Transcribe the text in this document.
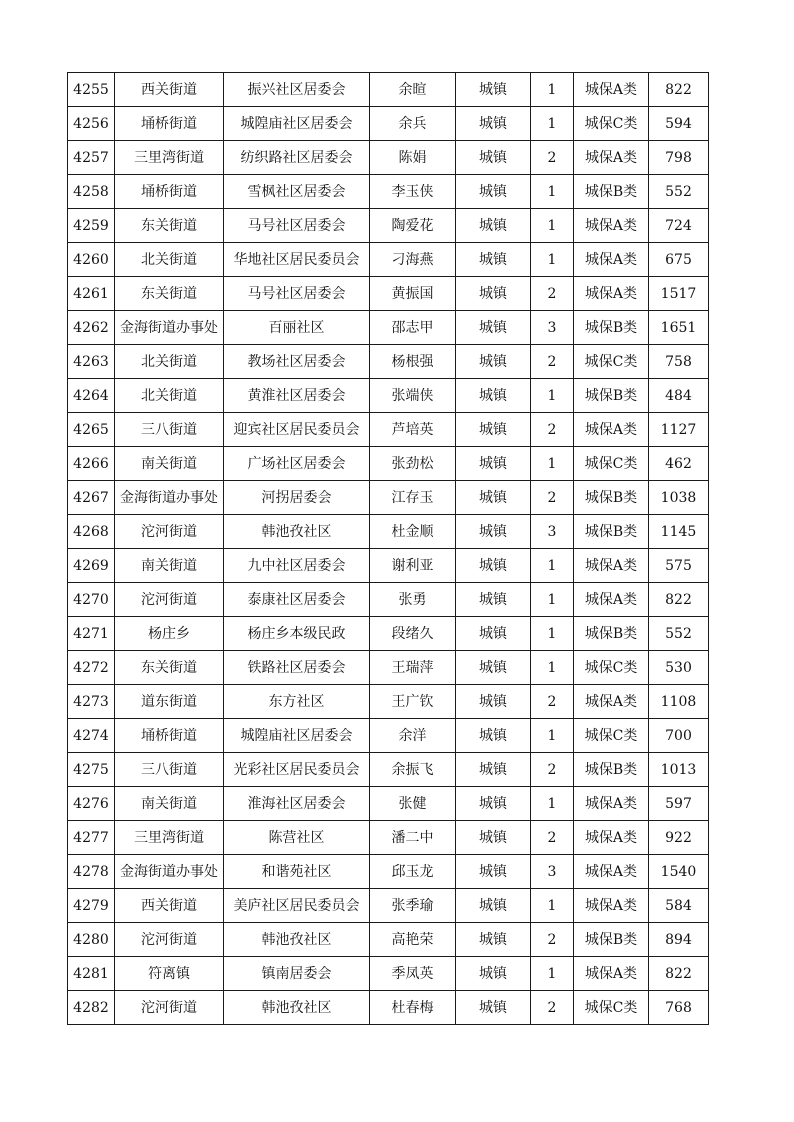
4255	西关街道	振兴社区居委会	余暄	城镇	1	城保A类	822
4256	埇桥街道	城隍庙社区居委会	余兵	城镇	1	城保C类	594
4257	三里湾街道	纺织路社区居委会	陈娟	城镇	2	城保A类	798
4258	埇桥街道	雪枫社区居委会	李玉侠	城镇	1	城保B类	552
4259	东关街道	马号社区居委会	陶爱花	城镇	1	城保A类	724
4260	北关街道	华地社区居民委员会	刁海燕	城镇	1	城保A类	675
4261	东关街道	马号社区居委会	黄振国	城镇	2	城保A类	1517
4262	金海街道办事处	百丽社区	邵志甲	城镇	3	城保B类	1651
4263	北关街道	教场社区居委会	杨根强	城镇	2	城保C类	758
4264	北关街道	黄淮社区居委会	张端侠	城镇	1	城保B类	484
4265	三八街道	迎宾社区居民委员会	芦培英	城镇	2	城保A类	1127
4266	南关街道	广场社区居委会	张劲松	城镇	1	城保C类	462
4267	金海街道办事处	河拐居委会	江存玉	城镇	2	城保B类	1038
4268	沱河街道	韩池孜社区	杜金顺	城镇	3	城保B类	1145
4269	南关街道	九中社区居委会	谢利亚	城镇	1	城保A类	575
4270	沱河街道	泰康社区居委会	张勇	城镇	1	城保A类	822
4271	杨庄乡	杨庄乡本级民政	段绪久	城镇	1	城保B类	552
4272	东关街道	铁路社区居委会	王瑞萍	城镇	1	城保C类	530
4273	道东街道	东方社区	王广钦	城镇	2	城保A类	1108
4274	埇桥街道	城隍庙社区居委会	余洋	城镇	1	城保C类	700
4275	三八街道	光彩社区居民委员会	余振飞	城镇	2	城保B类	1013
4276	南关街道	淮海社区居委会	张健	城镇	1	城保A类	597
4277	三里湾街道	陈营社区	潘二中	城镇	2	城保A类	922
4278	金海街道办事处	和谐苑社区	邱玉龙	城镇	3	城保A类	1540
4279	西关街道	美庐社区居民委员会	张季瑜	城镇	1	城保A类	584
4280	沱河街道	韩池孜社区	高艳荣	城镇	2	城保B类	894
4281	符离镇	镇南居委会	季凤英	城镇	1	城保A类	822
4282	沱河街道	韩池孜社区	杜春梅	城镇	2	城保C类	768
